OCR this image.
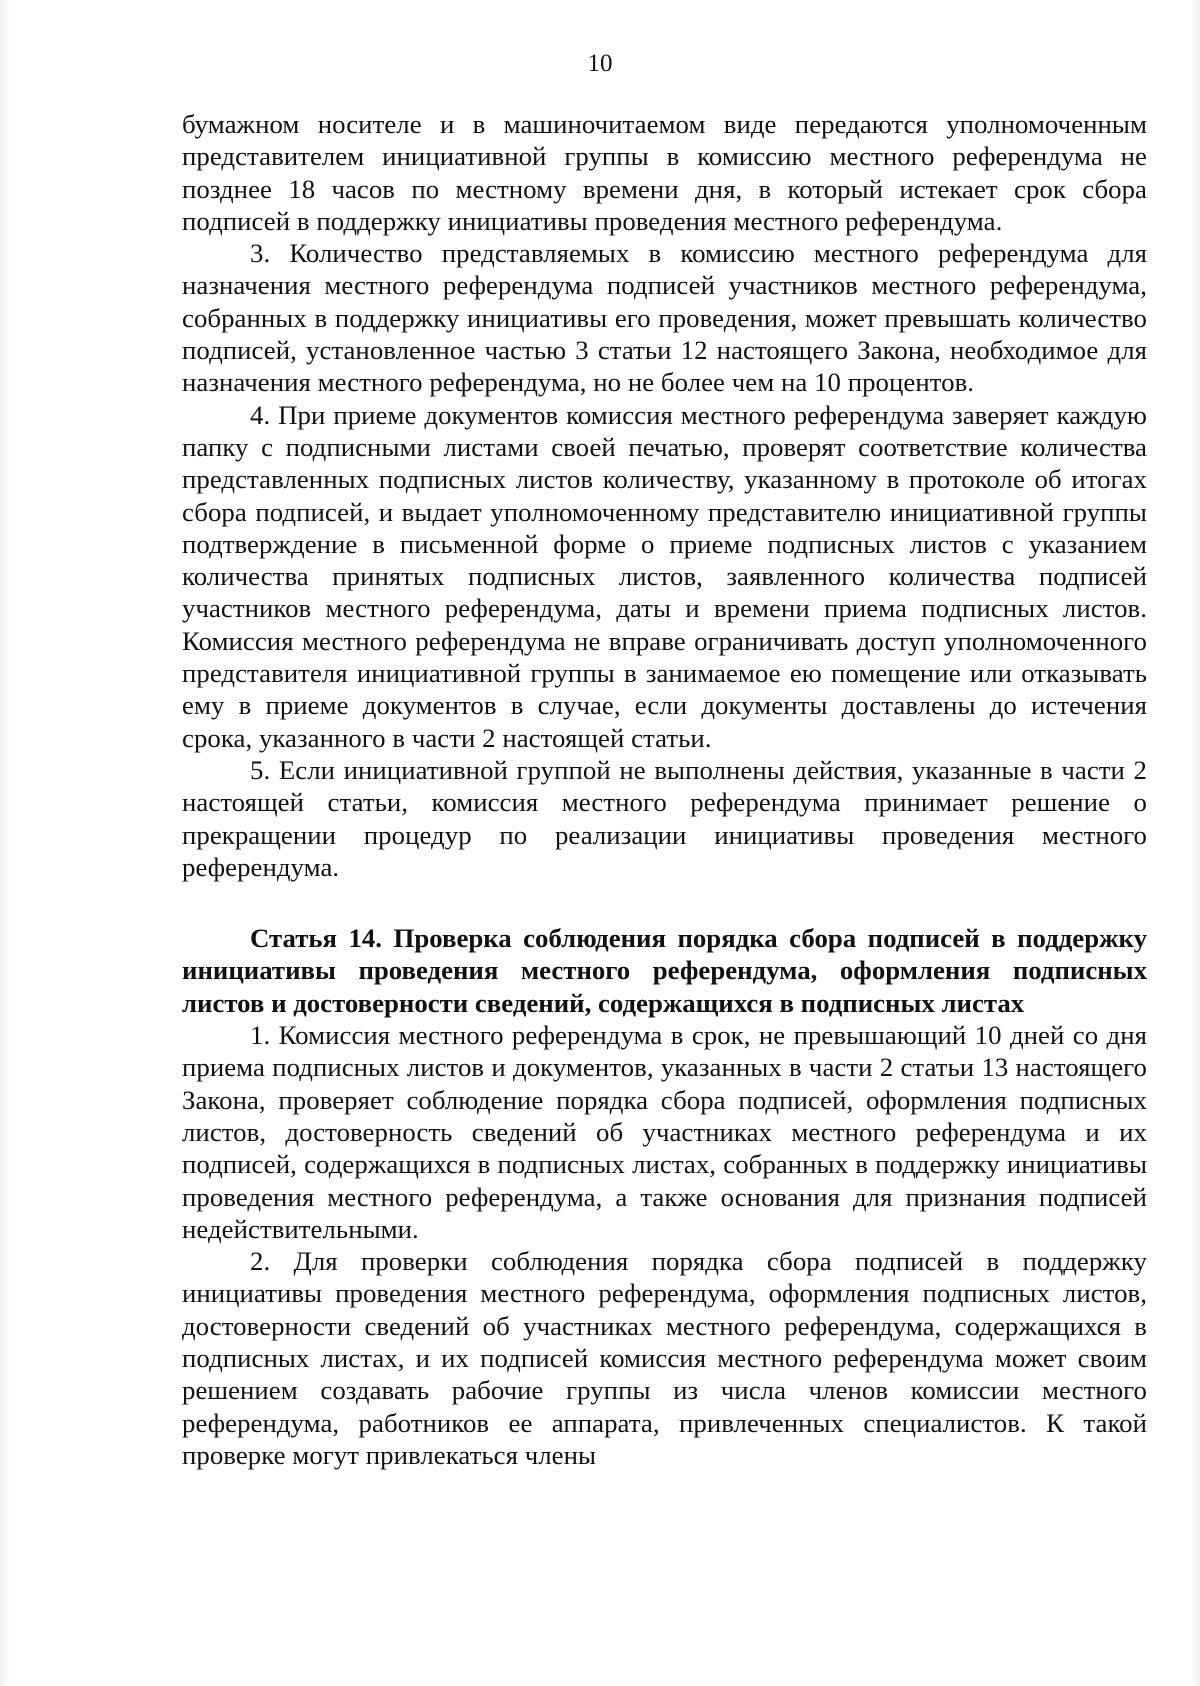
10

бумажном носителе и в машиночитаемом виде передаются уполномоченным представителем инициативной группы в комиссию местного референдума не позднее 18 часов по местному времени дня, в который истекает срок сбора подписей в поддержку инициативы проведения местного референдума.

3. Количество представляемых в комиссию местного референдума для назначения местного референдума подписей участников местного референдума, собранных в поддержку инициативы его проведения, может превышать количество подписей, установленное частью 3 статьи 12 настоящего Закона, необходимое для назначения местного референдума, но не более чем на 10 процентов.

4. При приеме документов комиссия местного референдума заверяет каждую папку с подписными листами своей печатью, проверят соответствие количества представленных подписных листов количеству, указанному в протоколе об итогах сбора подписей, и выдает уполномоченному представителю инициативной группы подтверждение в письменной форме о приеме подписных листов с указанием количества принятых подписных листов, заявленного количества подписей участников местного референдума, даты и времени приема подписных листов. Комиссия местного референдума не вправе ограничивать доступ уполномоченного представителя инициативной группы в занимаемое ею помещение или отказывать ему в приеме документов в случае, если документы доставлены до истечения срока, указанного в части 2 настоящей статьи.

5. Если инициативной группой не выполнены действия, указанные в части 2 настоящей статьи, комиссия местного референдума принимает решение о прекращении процедур по реализации инициативы проведения местного референдума.

Статья 14. Проверка соблюдения порядка сбора подписей в поддержку инициативы проведения местного референдума, оформления подписных листов и достоверности сведений, содержащихся в подписных листах

1. Комиссия местного референдума в срок, не превышающий 10 дней со дня приема подписных листов и документов, указанных в части 2 статьи 13 настоящего Закона, проверяет соблюдение порядка сбора подписей, оформления подписных листов, достоверность сведений об участниках местного референдума и их подписей, содержащихся в подписных листах, собранных в поддержку инициативы проведения местного референдума, а также основания для признания подписей недействительными.

2. Для проверки соблюдения порядка сбора подписей в поддержку инициативы проведения местного референдума, оформления подписных листов, достоверности сведений об участниках местного референдума, содержащихся в подписных листах, и их подписей комиссия местного референдума может своим решением создавать рабочие группы из числа членов комиссии местного референдума, работников ее аппарата, привлеченных специалистов. К такой проверке могут привлекаться члены
